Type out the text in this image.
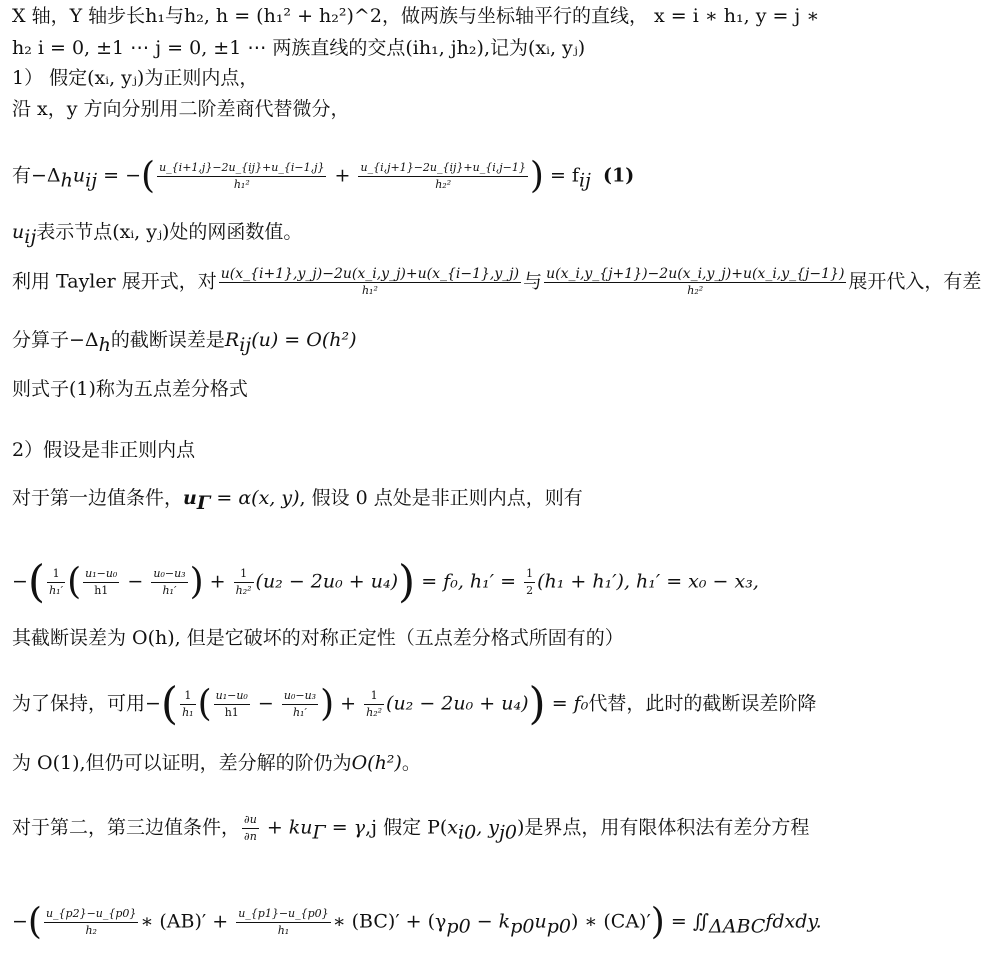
X 轴，Y 轴步长h₁与h₂, h = (h₁² + h₂²)^2，做两族与坐标轴平行的直线， x = i ∗ h₁, y = j ∗
h₂ i = 0, ±1 ⋯ j = 0, ±1 ⋯ 两族直线的交点(ih₁, jh₂),记为(xᵢ, yⱼ)
1） 假定(xᵢ, yⱼ)为正则内点，
沿 x，y 方向分别用二阶差商代替微分，
有$-\Delta_hu_{ij}$ = −( $\frac{u\_\{i+1,j\}-2u\_\{ij\}+u\_\{i-1,j\}}{\text{h₁²}} + \frac{u\_\{i,j+1\}-2u\_\{ij\}+u\_\{i,j-1\}}{\text{h₂²}}$ ) = $f_{ij}$ (1)
$u_{ij}$表示节点(xᵢ, yⱼ)处的网函数值。
利用 Tayler 展开式，对 $\frac{u(x\_\{i+1\},y\_j)-2u(x\_i,y\_j)+u(x\_\{i-1\},y\_j)}{\text{h₁²}}$ 与 $\frac{u(x\_i,y\_\{j+1\})-2u(x\_i,y\_j)+u(x\_i,y\_\{j-1\})}{\text{h₂²}}$ 展开代入，有差
分算子$-\Delta_h$的截断误差是$R_{ij}(u) = O(h^2)$
则式子(1)称为五点差分格式
2）假设是非正则内点
对于第一边值条件，$u_\Gamma = \alpha(x$, y), 假设 0 点处是非正则内点，则有
−( $\frac{1}{\text{h₁′}}$ ( $\frac{\text{u₁−u₀}}{h1} - \frac{\text{u₀−u₃}}{\text{h₁′}}$ ) + $\frac{1}{\text{h₂²}} (u_2 - 2u_0 + u_4)) = f_0$, $h_1' = \frac{1}{2} (h_1 + h_1')$, h₁′ = x₀ − x₃,
其截断误差为 O(h), 但是它破坏的对称正定性（五点差分格式所固有的）
为了保持，可用−( $\frac{1}{\text{h₁}}$ ( $\frac{\text{u₁−u₀}}{h1} - \frac{\text{u₀−u₃}}{\text{h₁′}}$ ) + $\frac{1}{\text{h₂²}} (u_2 - 2u_0 + u_4)) = f_0$代替，此时的截断误差阶降
为 O(1),但仍可以证明，差分解的阶仍为O(h²)。
对于第二，第三边值条件， $\frac{\partial u}{\partial n} + ku_\Gamma = \gamma,j$ 假定 $P(x_{i0}$, $y_{j0}$)是界点，用有限体积法有差分方程
−( $\frac{u\_\{p2\}-u\_\{p0\}}{\text{h₂}}$ ∗ $(AB)' + \frac{u\_\{p1\}-u\_\{p0\}}{\text{h₁}}$ ∗ $(BC)' + (\gamma_{p0} - k_{p0}u_{p0})$ ∗ $(CA)') = ∬_{\Delta ABC}fdxdy$.
